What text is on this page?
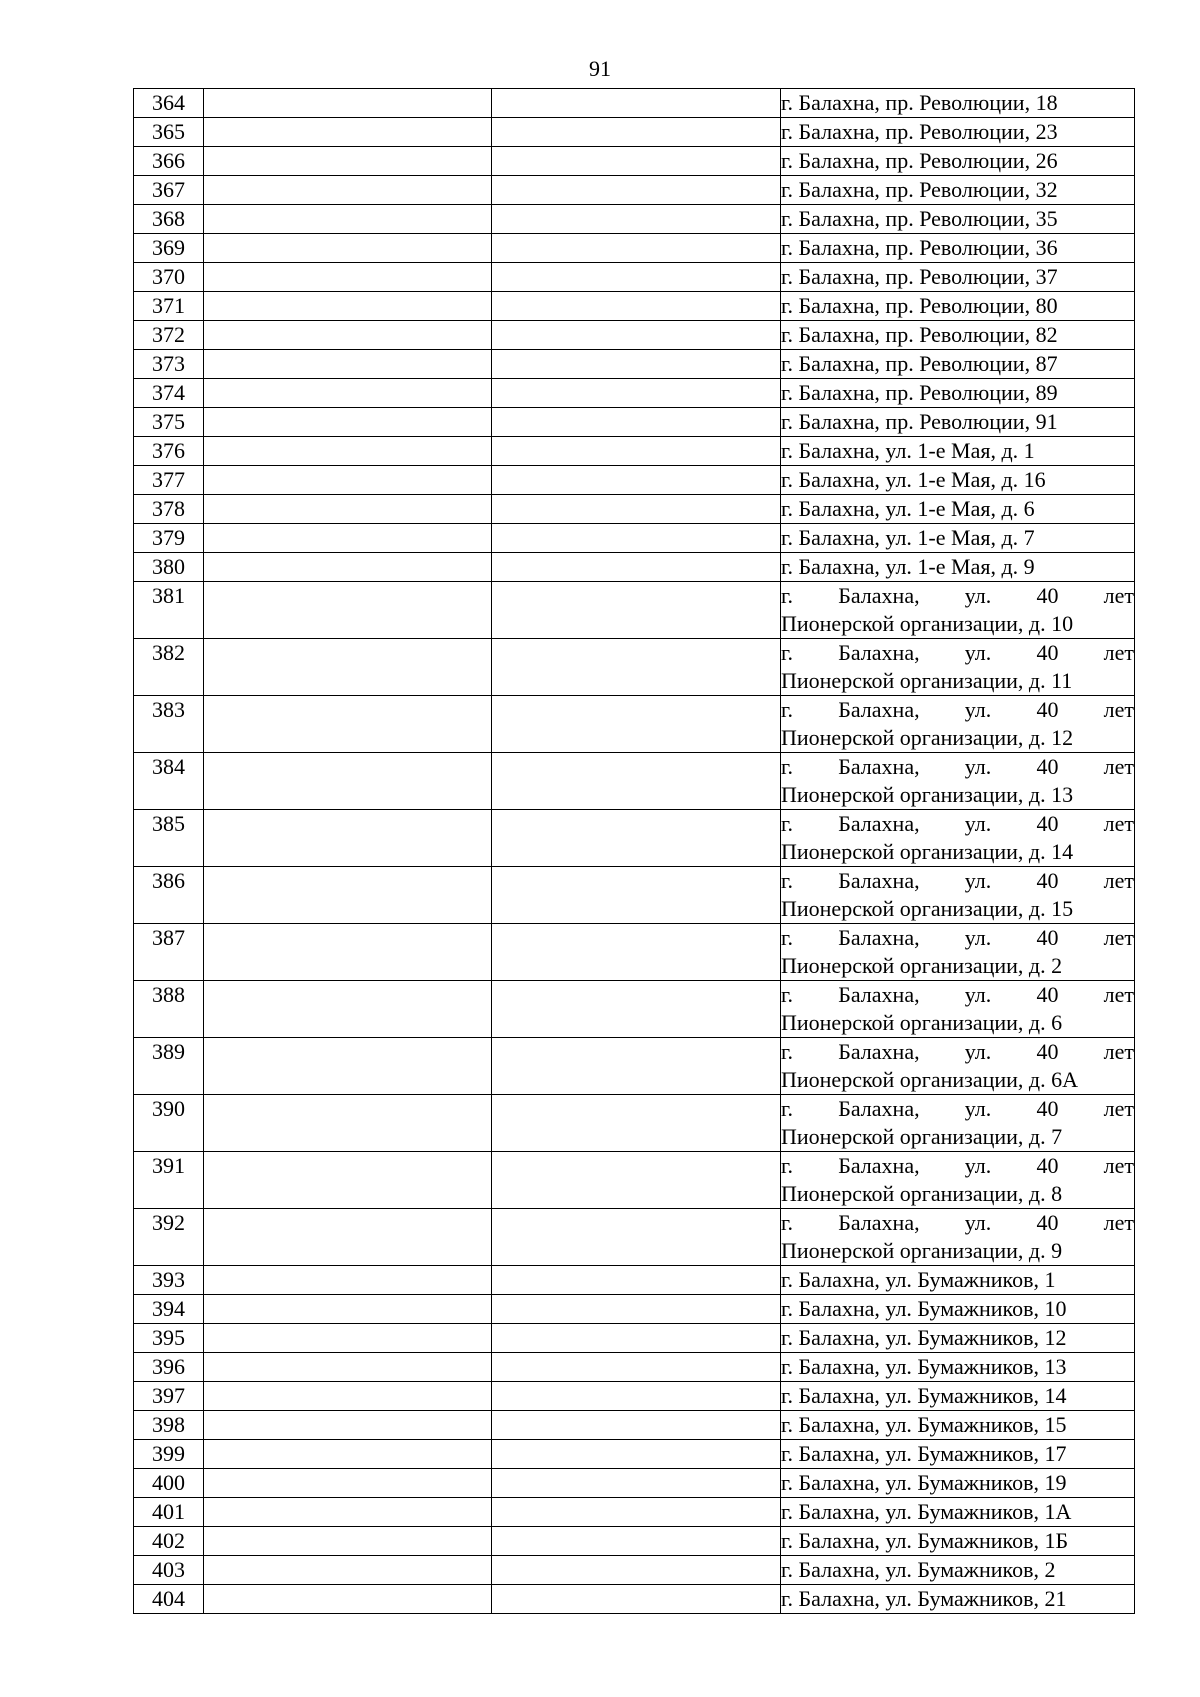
91
364			г. Балахна, пр. Революции, 18
365			г. Балахна, пр. Революции, 23
366			г. Балахна, пр. Революции, 26
367			г. Балахна, пр. Революции, 32
368			г. Балахна, пр. Революции, 35
369			г. Балахна, пр. Революции, 36
370			г. Балахна, пр. Революции, 37
371			г. Балахна, пр. Революции, 80
372			г. Балахна, пр. Революции, 82
373			г. Балахна, пр. Революции, 87
374			г. Балахна, пр. Революции, 89
375			г. Балахна, пр. Революции, 91
376			г. Балахна, ул. 1-е Мая, д. 1
377			г. Балахна, ул. 1-е Мая, д. 16
378			г. Балахна, ул. 1-е Мая, д. 6
379			г. Балахна, ул. 1-е Мая, д. 7
380			г. Балахна, ул. 1-е Мая, д. 9
381			г. Балахна, ул. 40 лет
Пионерской организации, д. 10

382			г. Балахна, ул. 40 лет
Пионерской организации, д. 11

383			г. Балахна, ул. 40 лет
Пионерской организации, д. 12

384			г. Балахна, ул. 40 лет
Пионерской организации, д. 13

385			г. Балахна, ул. 40 лет
Пионерской организации, д. 14

386			г. Балахна, ул. 40 лет
Пионерской организации, д. 15

387			г. Балахна, ул. 40 лет
Пионерской организации, д. 2

388			г. Балахна, ул. 40 лет
Пионерской организации, д. 6

389			г. Балахна, ул. 40 лет
Пионерской организации, д. 6А

390			г. Балахна, ул. 40 лет
Пионерской организации, д. 7

391			г. Балахна, ул. 40 лет
Пионерской организации, д. 8

392			г. Балахна, ул. 40 лет
Пионерской организации, д. 9

393			г. Балахна, ул. Бумажников, 1
394			г. Балахна, ул. Бумажников, 10
395			г. Балахна, ул. Бумажников, 12
396			г. Балахна, ул. Бумажников, 13
397			г. Балахна, ул. Бумажников, 14
398			г. Балахна, ул. Бумажников, 15
399			г. Балахна, ул. Бумажников, 17
400			г. Балахна, ул. Бумажников, 19
401			г. Балахна, ул. Бумажников, 1А
402			г. Балахна, ул. Бумажников, 1Б
403			г. Балахна, ул. Бумажников, 2
404			г. Балахна, ул. Бумажников, 21
